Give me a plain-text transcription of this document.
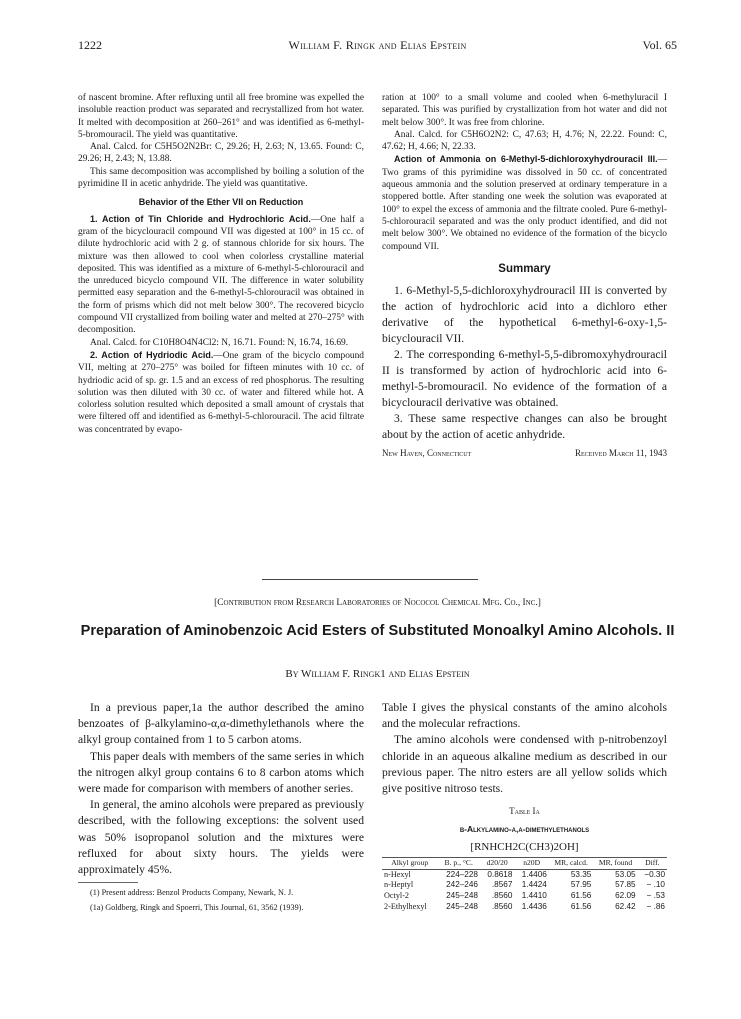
1222	William F. Ringk and Elias Epstein	Vol. 65

of nascent bromine. After refluxing until all free bromine was expelled the insoluble reaction product was separated and recrystallized from hot water. It melted with decomposition at 260–261° and was identified as 6-methyl-5-bromouracil. The yield was quantitative.

Anal. Calcd. for C5H5O2N2Br: C, 29.26; H, 2.63; N, 13.65. Found: C, 29.26; H, 2.43; N, 13.88.

This same decomposition was accomplished by boiling a solution of the pyrimidine II in acetic anhydride. The yield was quantitative.

Behavior of the Ether VII on Reduction

1. Action of Tin Chloride and Hydrochloric Acid.—One half a gram of the bicyclouracil compound VII was digested at 100° in 15 cc. of dilute hydrochloric acid with 2 g. of stannous chloride for six hours. The mixture was then allowed to cool when colorless crystalline material deposited. This was identified as a mixture of 6-methyl-5-chlorouracil and the unreduced bicyclo compound VII. The difference in water solubility permitted easy separation and the 6-methyl-5-chlorouracil was obtained in the form of prisms which did not melt below 300°. The recovered bicyclo compound VII crystallized from boiling water and melted at 270–275° with decomposition.

Anal. Calcd. for C10H8O4N4Cl2: N, 16.71. Found: N, 16.74, 16.69.

2. Action of Hydriodic Acid.—One gram of the bicyclo compound VII, melting at 270–275° was boiled for fifteen minutes with 10 cc. of hydriodic acid of sp. gr. 1.5 and an excess of red phosphorus. The resulting solution was then diluted with 30 cc. of water and filtered while hot. A colorless solution resulted which deposited a small amount of crystals that were filtered off and identified as 6-methyl-5-chlorouracil. The acid filtrate was concentrated by evapo-

ration at 100° to a small volume and cooled when 6-methyluracil I separated. This was purified by crystallization from hot water and did not melt below 300°. It was free from chlorine.

Anal. Calcd. for C5H6O2N2: C, 47.63; H, 4.76; N, 22.22. Found: C, 47.62; H, 4.66; N, 22.33.

Action of Ammonia on 6-Methyl-5-dichloroxyhydrouracil III.—Two grams of this pyrimidine was dissolved in 50 cc. of concentrated aqueous ammonia and the solution preserved at ordinary temperature in a stoppered bottle. After standing one week the solution was evaporated at 100° to expel the excess of ammonia and the filtrate cooled. Pure 6-methyl-5-chlorouracil separated and was the only product identified, and did not melt below 300°. We obtained no evidence of the formation of the bicyclo compound VII.

Summary

1. 6-Methyl-5,5-dichloroxyhydrouracil III is converted by the action of hydrochloric acid into a dichloro ether derivative of the hypothetical 6-methyl-6-oxy-1,5-bicyclouracil VII.

2. The corresponding 6-methyl-5,5-dibromoxyhydrouracil II is transformed by action of hydrochloric acid into 6-methyl-5-bromouracil. No evidence of the formation of a bicyclouracil derivative was obtained.

3. These same respective changes can also be brought about by the action of acetic anhydride.

New Haven, Connecticut	Received March 11, 1943

[Contribution from Research Laboratories of Nococol Chemical Mfg. Co., Inc.]
Preparation of Aminobenzoic Acid Esters of Substituted Monoalkyl Amino Alcohols. II
By William F. Ringk1 and Elias Epstein

In a previous paper,1a the author described the amino benzoates of β-alkylamino-α,α-dimethylethanols where the alkyl group contained from 1 to 5 carbon atoms.

This paper deals with members of the same series in which the nitrogen alkyl group contains 6 to 8 carbon atoms which were made for comparison with members of another series.

In general, the amino alcohols were prepared as previously described, with the following exceptions: the solvent used was 50% isopropanol solution and the mixtures were refluxed for about sixty hours. The yields were approximately 45%.

(1) Present address: Benzol Products Company, Newark, N. J.

(1a) Goldberg, Ringk and Spoerri, This Journal, 61, 3562 (1939).

Table I gives the physical constants of the amino alcohols and the molecular refractions.

The amino alcohols were condensed with p-nitrobenzoyl chloride in an aqueous alkaline medium as described in our previous paper. The nitro esters are all yellow solids which give positive nitroso tests.

Table Ia

β-Alkylamino-α,α-dimethylethanols

[RNHCH2C(CH3)2OH]

Alkyl group	B. p., °C.	d20/20	n20D	MR, calcd.	MR, found	Diff.
n-Hexyl	224–228	0.8618	1.4406	53.35	53.05	−0.30
n-Heptyl	242–246	.8567	1.4424	57.95	57.85	− .10
Octyl-2	245–248	.8560	1.4410	61.56	62.09	− .53
2-Ethylhexyl	245–248	.8560	1.4436	61.56	62.42	− .86
